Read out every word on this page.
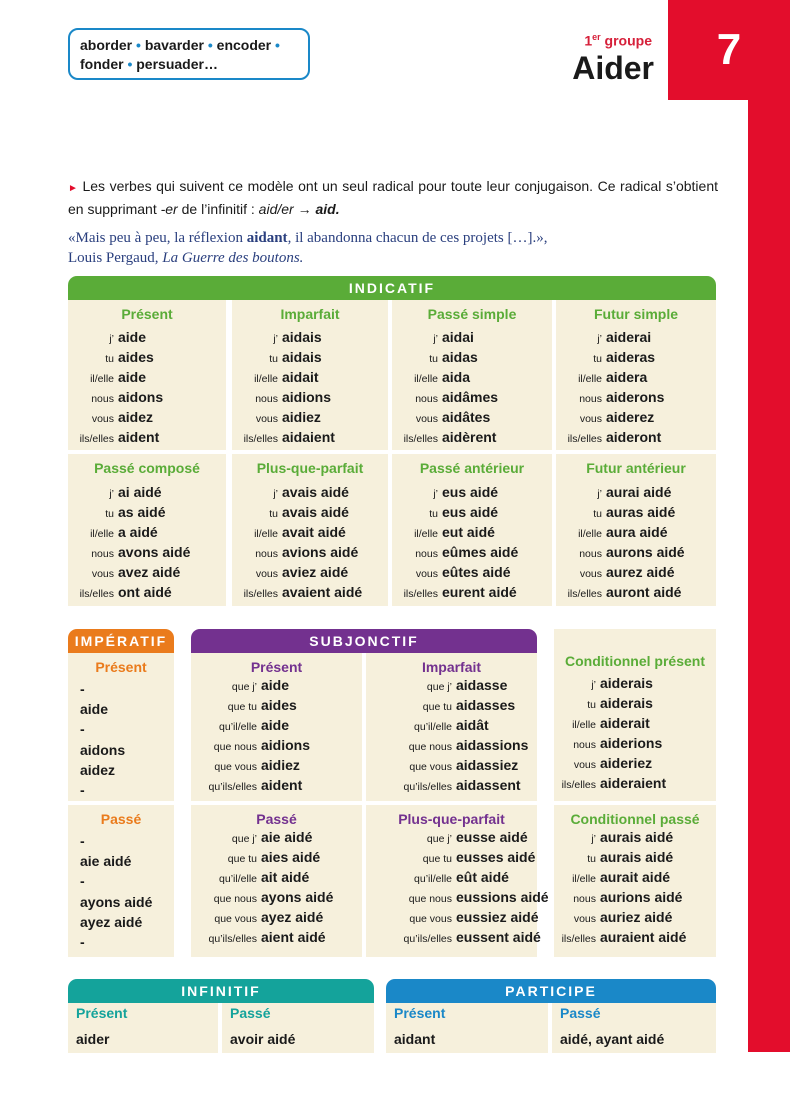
7
aborder • bavarder • encoder •
fonder • persuader…
1er groupe
Aider
► Les verbes qui suivent ce modèle ont un seul radical pour toute leur conjugaison. Ce radical s’obtient en supprimant -er de l’infinitif : aid/er → aid.
«Mais peu à peu, la réflexion aidant, il abandonna chacun de ces projets […].»,
Louis Pergaud, La Guerre des boutons.
INDICATIF
Présent
j’ aide
tu aides
il/elle aide
nous aidons
vous aidez
ils/elles aident
Passé composé
j’ ai aidé
tu as aidé
il/elle a aidé
nous avons aidé
vous avez aidé
ils/elles ont aidé
Imparfait
j’ aidais
tu aidais
il/elle aidait
nous aidions
vous aidiez
ils/elles aidaient
Plus-que-parfait
j’ avais aidé
tu avais aidé
il/elle avait aidé
nous avions aidé
vous aviez aidé
ils/elles avaient aidé
Passé simple
j’ aidai
tu aidas
il/elle aida
nous aidâmes
vous aidâtes
ils/elles aidèrent
Passé antérieur
j’ eus aidé
tu eus aidé
il/elle eut aidé
nous eûmes aidé
vous eûtes aidé
ils/elles eurent aidé
Futur simple
j’ aiderai
tu aideras
il/elle aidera
nous aiderons
vous aiderez
ils/elles aideront
Futur antérieur
j’ aurai aidé
tu auras aidé
il/elle aura aidé
nous aurons aidé
vous aurez aidé
ils/elles auront aidé
IMPÉRATIF	SUBJONCTIF
Présent
-
aide
-
aidons
aidez
-
Passé
-
aie aidé
-
ayons aidé
ayez aidé
-
Présent
que j’ aide
que tu aides
qu’il/elle aide
que nous aidions
que vous aidiez
qu’ils/elles aident
Imparfait
que j’ aidasse
que tu aidasses
qu’il/elle aidât
que nous aidassions
que vous aidassiez
qu’ils/elles aidassent
Passé
que j’ aie aidé
que tu aies aidé
qu’il/elle ait aidé
que nous ayons aidé
que vous ayez aidé
qu’ils/elles aient aidé
Plus-que-parfait
que j’ eusse aidé
que tu eusses aidé
qu’il/elle eût aidé
que nous eussions aidé
que vous eussiez aidé
qu’ils/elles eussent aidé
Conditionnel présent
j’ aiderais
tu aiderais
il/elle aiderait
nous aiderions
vous aideriez
ils/elles aideraient
Conditionnel passé
j’ aurais aidé
tu aurais aidé
il/elle aurait aidé
nous aurions aidé
vous auriez aidé
ils/elles auraient aidé
INFINITIF
Présent
aider
Passé
avoir aidé
PARTICIPE
Présent
aidant
Passé
aidé, ayant aidé
